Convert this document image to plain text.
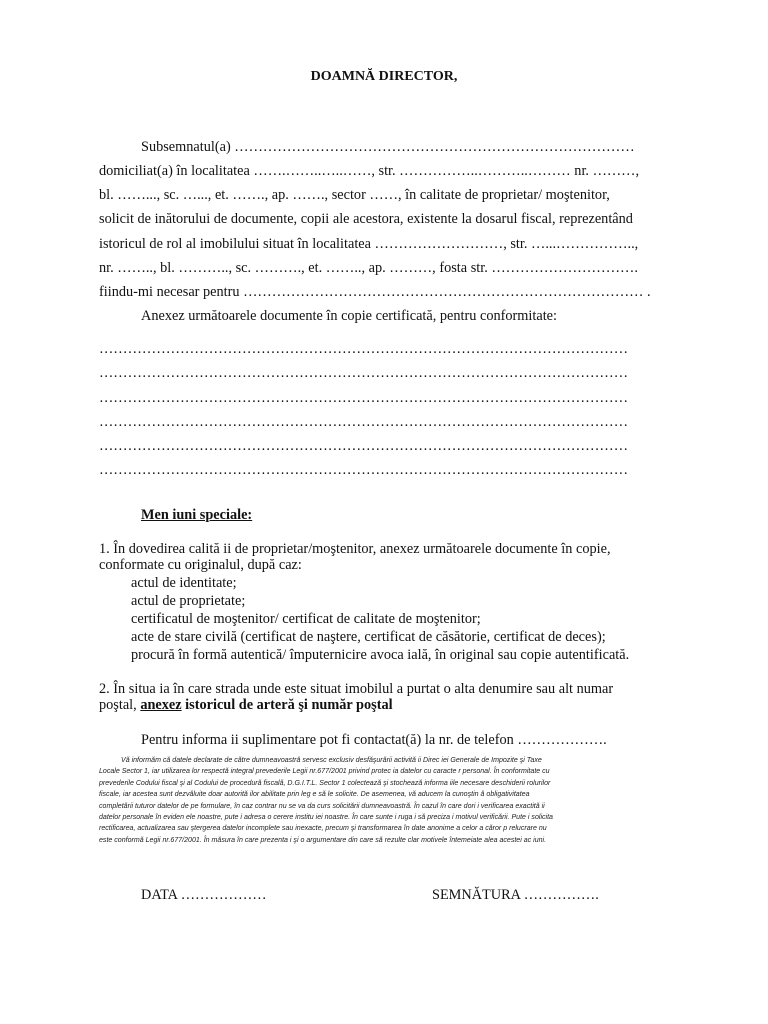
DOAMNĂ DIRECTOR,
Subsemnatul(a) …………………………………………………………………………
domiciliat(a) în localitatea …….……..…..……, str. ……………..………..……… nr. ………,
bl. ……..., sc. …..., et. ……., ap. ……., sector ……, în calitate de proprietar/ moştenitor,
solicit de inătorului de documente, copii ale acestora, existente la dosarul fiscal, reprezentând
istoricul de rol al imobilului situat în localitatea ………………………, str. …...……………..,
nr. …….., bl. ……….., sc. ………., et. …….., ap. ………, fosta str. ………………………….
fiindu-mi necesar pentru ………………………………………………………………………… .
Anexez următoarele documente în copie certificată, pentru conformitate:
…………………………………………………………………………………………………
…………………………………………………………………………………………………
…………………………………………………………………………………………………
…………………………………………………………………………………………………
…………………………………………………………………………………………………
…………………………………………………………………………………………………
Men iuni speciale:
1. În dovedirea calită ii de proprietar/moştenitor, anexez următoarele documente în copie,
conformate cu originalul, după caz:
actul de identitate;
actul de proprietate;
certificatul de moştenitor/ certificat de calitate de moştenitor;
acte de stare civilă (certificat de naştere, certificat de căsătorie, certificat de deces);
procură în formă autentică/ împuternicire avoca ială, în original sau copie autentificată.
2. În situa ia în care strada unde este situat imobilul a purtat o alta denumire sau alt numar
poştal, anexez istoricul de arteră şi număr poştal
Pentru informa ii suplimentare pot fi contactat(ă) la nr. de telefon ……………….
Vă informăm că datele declarate de către dumneavoastră servesc exclusiv desfăşurării activită ii Direc iei Generale de Impozite şi Taxe
Locale Sector 1, iar utilizarea lor respectă integral prevederile Legii nr.677/2001 privind protec ia datelor cu caracte r personal. În conformitate cu
prevederile Codului fiscal şi al Codului de procedură fiscală, D.G.I.T.L. Sector 1 colectează şi stochează informa iile necesare deschiderii rolurilor
fiscale, iar acestea sunt dezvăluite doar autorită ilor abilitate prin leg e să le solicite. De asemenea, vă aducem la cunoştin ă obligativitatea
completării tuturor datelor de pe formulare, în caz contrar nu se va da curs solicitării dumneavoastră. În cazul în care dori i verificarea exactită ii
datelor personale în eviden ele noastre, pute i adresa o cerere institu iei noastre. În care sunte i ruga i să preciza i motivul verificării. Pute i solicita
rectificarea, actualizarea sau ştergerea datelor incomplete sau inexacte, precum şi transformarea în date anonime a celor a căror p relucrare nu
este conformă Legii nr.677/2001. În măsura în care prezenta i şi o argumentare din care să rezulte clar motivele întemeiate alea acestei ac iuni.
DATA ………………	SEMNĂTURA …………….
